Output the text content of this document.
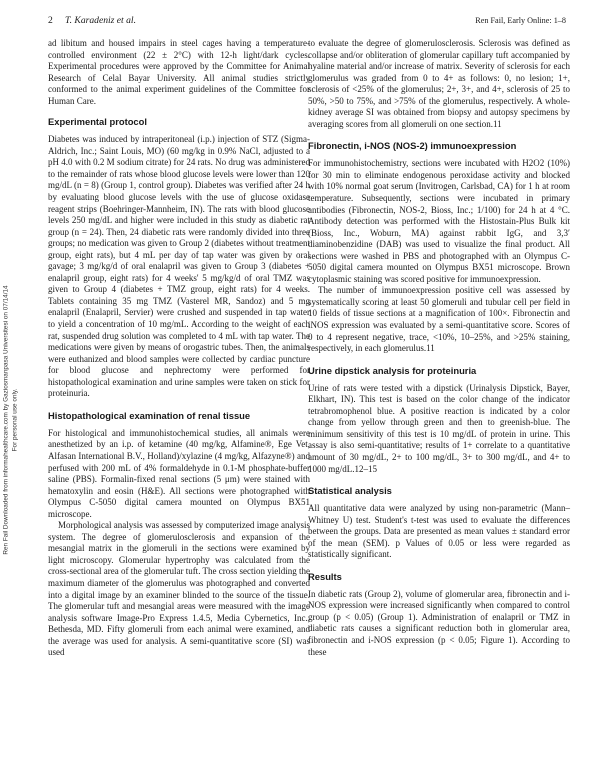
2 T. Karadeniz et al.	Ren Fail, Early Online: 1–8
Ren Fail Downloaded from informahealthcare.com by Gaziosmanpasa Universitesi on 07/14/14 For personal use only.

ad libitum and housed impairs in steel cages having a temperature-controlled environment (22 ± 2°C) with 12-h light/dark cycles. Experimental procedures were approved by the Committee for Animal Research of Celal Bayar University. All animal studies strictly conformed to the animal experiment guidelines of the Committee for Human Care.

Experimental protocol

Diabetes was induced by intraperitoneal (i.p.) injection of STZ (Sigma-Aldrich, Inc.; Saint Louis, MO) (60 mg/kg in 0.9% NaCl, adjusted to a pH 4.0 with 0.2 M sodium citrate) for 24 rats. No drug was administered to the remainder of rats whose blood glucose levels were lower than 120 mg/dL (n = 8) (Group 1, control group). Diabetes was verified after 24 h by evaluating blood glucose levels with the use of glucose oxidase reagent strips (Boehringer-Mannheim, IN). The rats with blood glucose levels 250 mg/dL and higher were included in this study as diabetic rat group (n = 24). Then, 24 diabetic rats were randomly divided into three groups; no medication was given to Group 2 (diabetes without treatment group, eight rats), but 4 mL per day of tap water was given by oral gavage; 3 mg/kg/d of oral enalapril was given to Group 3 (diabetes + enalapril group, eight rats) for 4 weeks' 5 mg/kg/d of oral TMZ was given to Group 4 (diabetes + TMZ group, eight rats) for 4 weeks. Tablets containing 35 mg TMZ (Vasterel MR, Sandoz) and 5 mg enalapril (Enalapril, Servier) were crushed and suspended in tap water to yield a concentration of 10 mg/mL. According to the weight of each rat, suspended drug solution was completed to 4 mL with tap water. The medications were given by means of orogastric tubes. Then, the animals were euthanized and blood samples were collected by cardiac puncture for blood glucose and nephrectomy were performed for histopathological examination and urine samples were taken on stick for proteinuria.

Histopathological examination of renal tissue

For histological and immunohistochemical studies, all animals were anesthetized by an i.p. of ketamine (40 mg/kg, Alfamine®, Ege Vet, Alfasan International B.V., Holland)/xylazine (4 mg/kg, Alfazyne®) and perfused with 200 mL of 4% formaldehyde in 0.1-M phosphate-buffer saline (PBS). Formalin-fixed renal sections (5 μm) were stained with hematoxylin and eosin (H&E). All sections were photographed with Olympus C-5050 digital camera mounted on Olympus BX51 microscope.

Morphological analysis was assessed by computerized image analysis system. The degree of glomerulosclerosis and expansion of the mesangial matrix in the glomeruli in the sections were examined by light microscopy. Glomerular hypertrophy was calculated from the cross-sectional area of the glomerular tuft. The cross section yielding the maximum diameter of the glomerulus was photographed and converted into a digital image by an examiner blinded to the source of the tissue. The glomerular tuft and mesangial areas were measured with the image analysis software Image-Pro Express 1.4.5, Media Cybernetics, Inc., Bethesda, MD. Fifty glomeruli from each animal were examined, and the average was used for analysis. A semi-quantitative score (SI) was used

to evaluate the degree of glomerulosclerosis. Sclerosis was defined as collapse and/or obliteration of glomerular capillary tuft accompanied by hyaline material and/or increase of matrix. Severity of sclerosis for each glomerulus was graded from 0 to 4+ as follows: 0, no lesion; 1+, sclerosis of <25% of the glomerulus; 2+, 3+, and 4+, sclerosis of 25 to 50%, >50 to 75%, and >75% of the glomerulus, respectively. A whole-kidney average SI was obtained from biopsy and autopsy specimens by averaging scores from all glomeruli on one section.11

Fibronectin, i-NOS (NOS-2) immunoexpression

For immunohistochemistry, sections were incubated with H2O2 (10%) for 30 min to eliminate endogenous peroxidase activity and blocked with 10% normal goat serum (Invitrogen, Carlsbad, CA) for 1 h at room temperature. Subsequently, sections were incubated in primary antibodies (Fibronectin, NOS-2, Bioss, Inc.; 1/100) for 24 h at 4 °C. Antibody detection was performed with the Histostain-Plus Bulk kit (Bioss, Inc., Woburn, MA) against rabbit IgG, and 3,3′ diaminobenzidine (DAB) was used to visualize the final product. All sections were washed in PBS and photographed with an Olympus C-5050 digital camera mounted on Olympus BX51 microscope. Brown cytoplasmic staining was scored positive for immunoexpression.

The number of immunoexpression positive cell was assessed by systematically scoring at least 50 glomeruli and tubular cell per field in 10 fields of tissue sections at a magnification of 100×. Fibronectin and iNOS expression was evaluated by a semi-quantitative score. Scores of 0 to 4 represent negative, trace, <10%, 10–25%, and >25% staining, respectively, in each glomerulus.11

Urine dipstick analysis for proteinuria

Urine of rats were tested with a dipstick (Urinalysis Dipstick, Bayer, Elkhart, IN). This test is based on the color change of the indicator tetrabromophenol blue. A positive reaction is indicated by a color change from yellow through green and then to greenish-blue. The minimum sensitivity of this test is 10 mg/dL of protein in urine. This assay is also semi-quantitative; results of 1+ correlate to a quantitative amount of 30 mg/dL, 2+ to 100 mg/dL, 3+ to 300 mg/dL, and 4+ to 1000 mg/dL.12–15

Statistical analysis

All quantitative data were analyzed by using non-parametric (Mann–Whitney U) test. Student's t-test was used to evaluate the differences between the groups. Data are presented as mean values ± standard error of the mean (SEM). p Values of 0.05 or less were regarded as statistically significant.

Results

In diabetic rats (Group 2), volume of glomerular area, fibronectin and i-NOS expression were increased significantly when compared to control group (p < 0.05) (Group 1). Administration of enalapril or TMZ in diabetic rats causes a significant reduction both in glomerular area, fibronectin and i-NOS expression (p < 0.05; Figure 1). According to these
